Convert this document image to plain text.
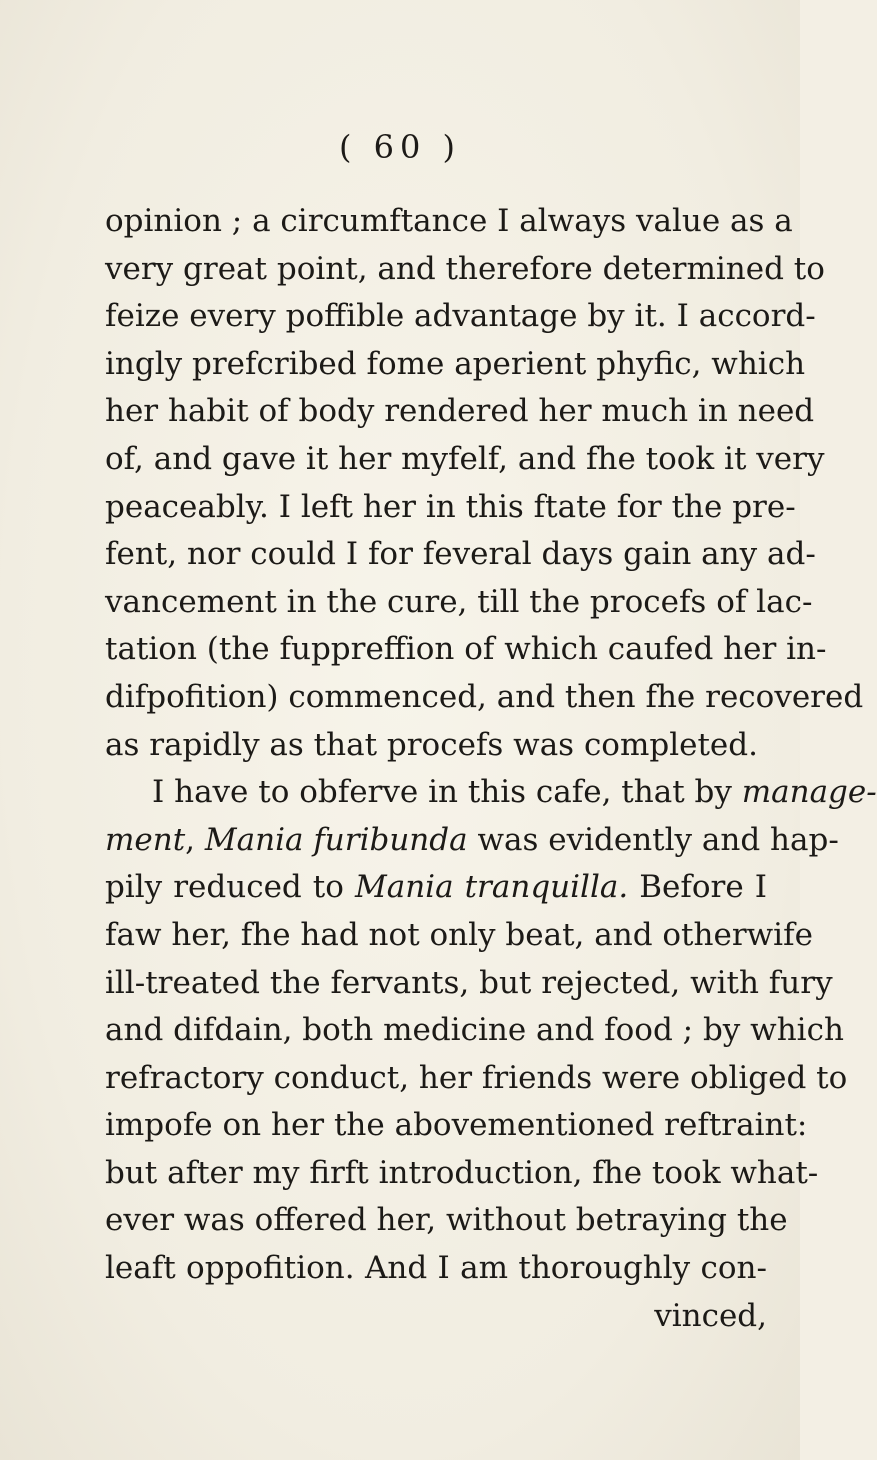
( 60 )
opinion ; a circumftance I always value as a
very great point, and therefore determined to
feize every poffible advantage by it. I accord-
ingly prefcribed fome aperient phyfic, which
her habit of body rendered her much in need
of, and gave it her myfelf, and fhe took it very
peaceably. I left her in this ftate for the pre-
fent, nor could I for feveral days gain any ad-
vancement in the cure, till the procefs of lac-
tation (the fuppreffion of which caufed her in-
difpofition) commenced, and then fhe recovered
as rapidly as that procefs was completed.
I have to obferve in this cafe, that by manage-
ment, Mania furibunda was evidently and hap-
pily reduced to Mania tranquilla. Before I
faw her, fhe had not only beat, and otherwife
ill-treated the fervants, but rejected, with fury
and difdain, both medicine and food ; by which
refractory conduct, her friends were obliged to
impofe on her the abovementioned reftraint:
but after my firft introduction, fhe took what-
ever was offered her, without betraying the
leaft oppofition. And I am thoroughly con-
vinced,
